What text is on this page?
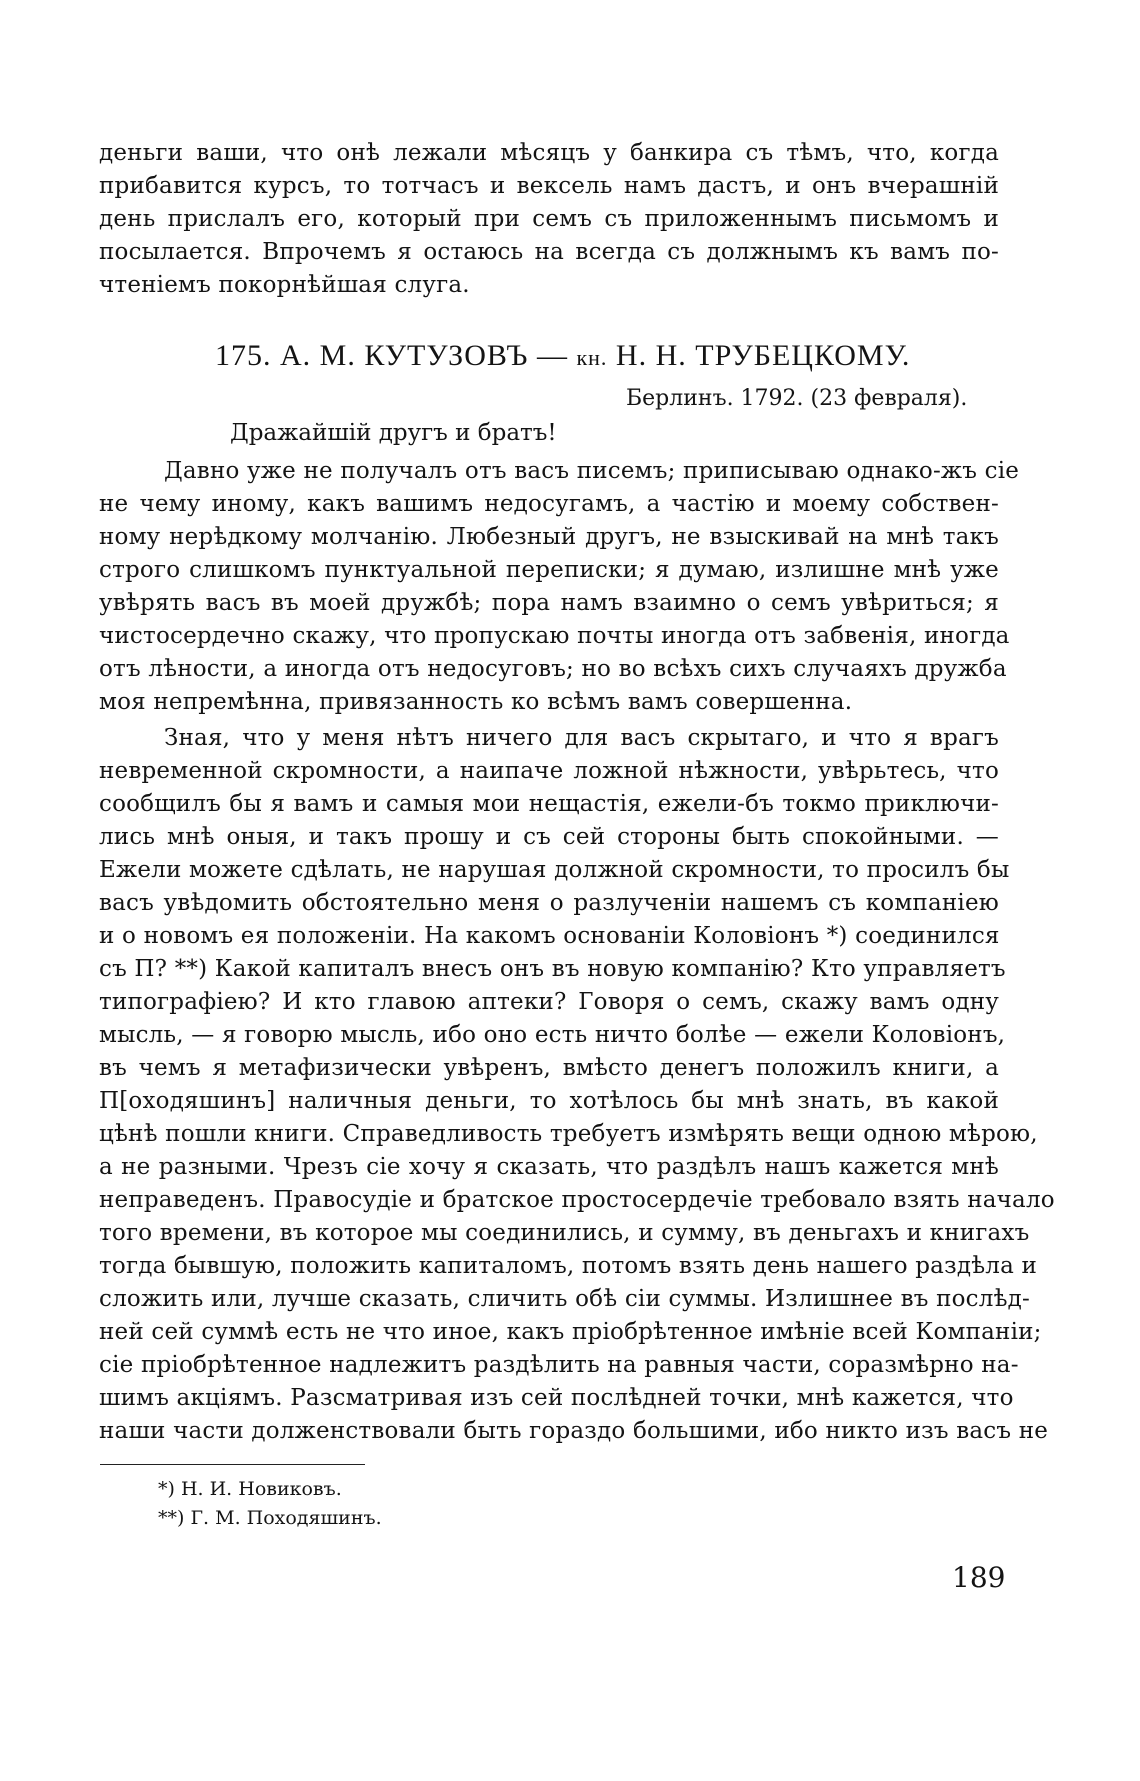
деньги ваши, что онѣ лежали мѣсяцъ у банкира съ тѣмъ, что, когда
прибавится курсъ, то тотчасъ и вексель намъ дастъ, и онъ вчерашній
день прислалъ его, который при семъ съ приложеннымъ письмомъ и
посылается. Впрочемъ я остаюсь на всегда съ должнымъ къ вамъ по-
чтеніемъ покорнѣйшая слуга.
175. А. М. КУТУЗОВЪ — кн. Н. Н. ТРУБЕЦКОМУ.
Берлинъ. 1792. (23 февраля).
Дражайшій другъ и братъ!
Давно уже не получалъ отъ васъ писемъ; приписываю однако-жъ сіе
не чему иному, какъ вашимъ недосугамъ, а частію и моему собствен-
ному нерѣдкому молчанію. Любезный другъ, не взыскивай на мнѣ такъ
строго слишкомъ пунктуальной переписки; я думаю, излишне мнѣ уже
увѣрять васъ въ моей дружбѣ; пора намъ взаимно о семъ увѣриться; я
чистосердечно скажу, что пропускаю почты иногда отъ забвенія, иногда
отъ лѣности, а иногда отъ недосуговъ; но во всѣхъ сихъ случаяхъ дружба
моя непремѣнна, привязанность ко всѣмъ вамъ совершенна.
Зная, что у меня нѣтъ ничего для васъ скрытаго, и что я врагъ
невременной скромности, а наипаче ложной нѣжности, увѣрьтесь, что
сообщилъ бы я вамъ и самыя мои нещастія, ежели-бъ токмо приключи-
лись мнѣ оныя, и такъ прошу и съ сей стороны быть спокойными. —
Ежели можете сдѣлать, не нарушая должной скромности, то просилъ бы
васъ увѣдомить обстоятельно меня о разлученіи нашемъ съ компаніею
и о новомъ ея положеніи. На какомъ основаніи Коловіонъ *) соединился
съ П? **) Какой капиталъ внесъ онъ въ новую компанію? Кто управляетъ
типографіею? И кто главою аптеки? Говоря о семъ, скажу вамъ одну
мысль, — я говорю мысль, ибо оно есть ничто болѣе — ежели Коловіонъ,
въ чемъ я метафизически увѣренъ, вмѣсто денегъ положилъ книги, а
П[оходяшинъ] наличныя деньги, то хотѣлось бы мнѣ знать, въ какой
цѣнѣ пошли книги. Справедливость требуетъ измѣрять вещи одною мѣрою,
а не разными. Чрезъ сіе хочу я сказать, что раздѣлъ нашъ кажется мнѣ
неправеденъ. Правосудіе и братское простосердечіе требовало взять начало
того времени, въ которое мы соединились, и сумму, въ деньгахъ и книгахъ
тогда бывшую, положить капиталомъ, потомъ взять день нашего раздѣла и
сложить или, лучше сказать, сличить обѣ сіи суммы. Излишнее въ послѣд-
ней сей суммѣ есть не что иное, какъ пріобрѣтенное имѣніе всей Компаніи;
сіе пріобрѣтенное надлежитъ раздѣлить на равныя части, соразмѣрно на-
шимъ акціямъ. Разсматривая изъ сей послѣдней точки, мнѣ кажется, что
наши части долженствовали быть гораздо большими, ибо никто изъ васъ не
*) Н. И. Новиковъ.
**) Г. М. Походяшинъ.
189
